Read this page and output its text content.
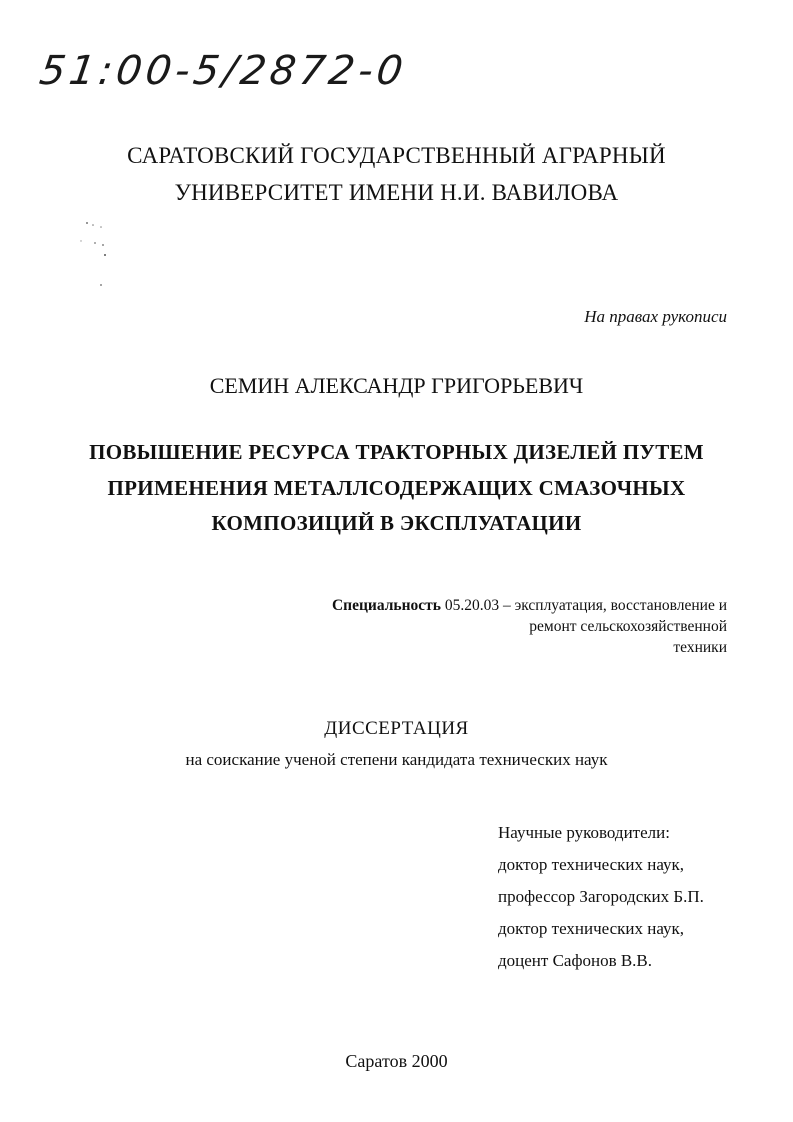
51:00-5/2872-0
САРАТОВСКИЙ ГОСУДАРСТВЕННЫЙ АГРАРНЫЙ
УНИВЕРСИТЕТ ИМЕНИ Н.И. ВАВИЛОВА
На правах рукописи
СЕМИН АЛЕКСАНДР ГРИГОРЬЕВИЧ
ПОВЫШЕНИЕ РЕСУРСА ТРАКТОРНЫХ ДИЗЕЛЕЙ ПУТЕМ
ПРИМЕНЕНИЯ МЕТАЛЛСОДЕРЖАЩИХ СМАЗОЧНЫХ
КОМПОЗИЦИЙ В ЭКСПЛУАТАЦИИ
Специальность 05.20.03 – эксплуатация, восстановление и
ремонт сельскохозяйственной
техники
ДИССЕРТАЦИЯ
на соискание ученой степени кандидата технических наук
Научные руководители:
доктор технических наук,
профессор Загородских Б.П.
доктор технических наук,
доцент Сафонов В.В.
Саратов 2000
